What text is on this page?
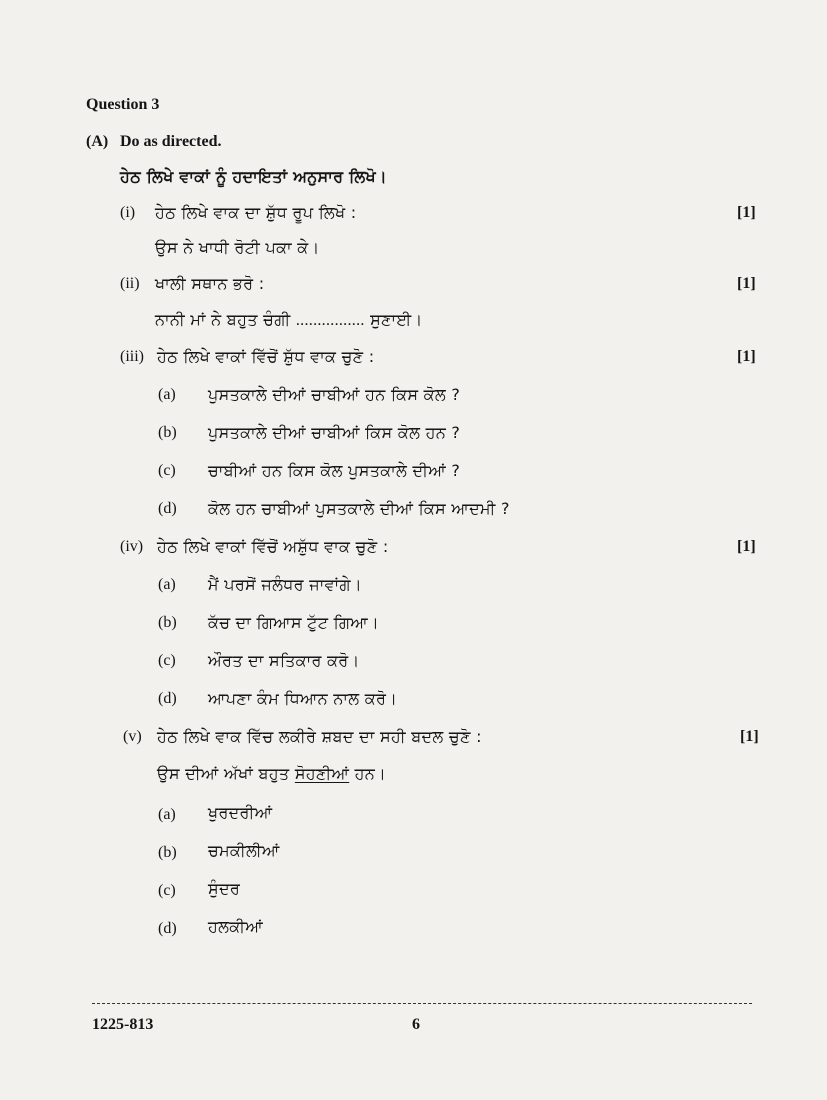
Question 3
(A) Do as directed.
ਹੇਠ ਲਿਖੇ ਵਾਕਾਂ ਨੂੰ ਹਦਾਇਤਾਂ ਅਨੁਸਾਰ ਲਿਖੋ।
(i) ਹੇਠ ਲਿਖੇ ਵਾਕ ਦਾ ਸ਼ੁੱਧ ਰੂਪ ਲਿਖੋ :	[1]
ਉਸ ਨੇ ਖਾਧੀ ਰੋਟੀ ਪਕਾ ਕੇ।
(ii) ਖਾਲੀ ਸਥਾਨ ਭਰੋ :	[1]
ਨਾਨੀ ਮਾਂ ਨੇ ਬਹੁਤ ਚੰਗੀ ................ ਸੁਣਾਈ।
(iii) ਹੇਠ ਲਿਖੇ ਵਾਕਾਂ ਵਿੱਚੋਂ ਸ਼ੁੱਧ ਵਾਕ ਚੁਣੋ :	[1]
(a) ਪੁਸਤਕਾਲੇ ਦੀਆਂ ਚਾਬੀਆਂ ਹਨ ਕਿਸ ਕੋਲ ?
(b) ਪੁਸਤਕਾਲੇ ਦੀਆਂ ਚਾਬੀਆਂ ਕਿਸ ਕੋਲ ਹਨ ?
(c) ਚਾਬੀਆਂ ਹਨ ਕਿਸ ਕੋਲ ਪੁਸਤਕਾਲੇ ਦੀਆਂ ?
(d) ਕੋਲ ਹਨ ਚਾਬੀਆਂ ਪੁਸਤਕਾਲੇ ਦੀਆਂ ਕਿਸ ਆਦਮੀ ?
(iv) ਹੇਠ ਲਿਖੇ ਵਾਕਾਂ ਵਿੱਚੋਂ ਅਸ਼ੁੱਧ ਵਾਕ ਚੁਣੋ :	[1]
(a) ਮੈਂ ਪਰਸੋਂ ਜਲੰਧਰ ਜਾਵਾਂਗੇ।
(b) ਕੱਚ ਦਾ ਗਿਆਸ ਟੁੱਟ ਗਿਆ।
(c) ਔਰਤ ਦਾ ਸਤਿਕਾਰ ਕਰੋ।
(d) ਆਪਣਾ ਕੰਮ ਧਿਆਨ ਨਾਲ ਕਰੋ।
(v) ਹੇਠ ਲਿਖੇ ਵਾਕ ਵਿੱਚ ਲਕੀਰੇ ਸ਼ਬਦ ਦਾ ਸਹੀ ਬਦਲ ਚੁਣੋ :	[1]
ਉਸ ਦੀਆਂ ਅੱਖਾਂ ਬਹੁਤ ਸੋਹਣੀਆਂ ਹਨ।
(a) ਖੁਰਦਰੀਆਂ
(b) ਚਮਕੀਲੀਆਂ
(c) ਸੁੰਦਰ
(d) ਹਲਕੀਆਂ
1225-813	6
